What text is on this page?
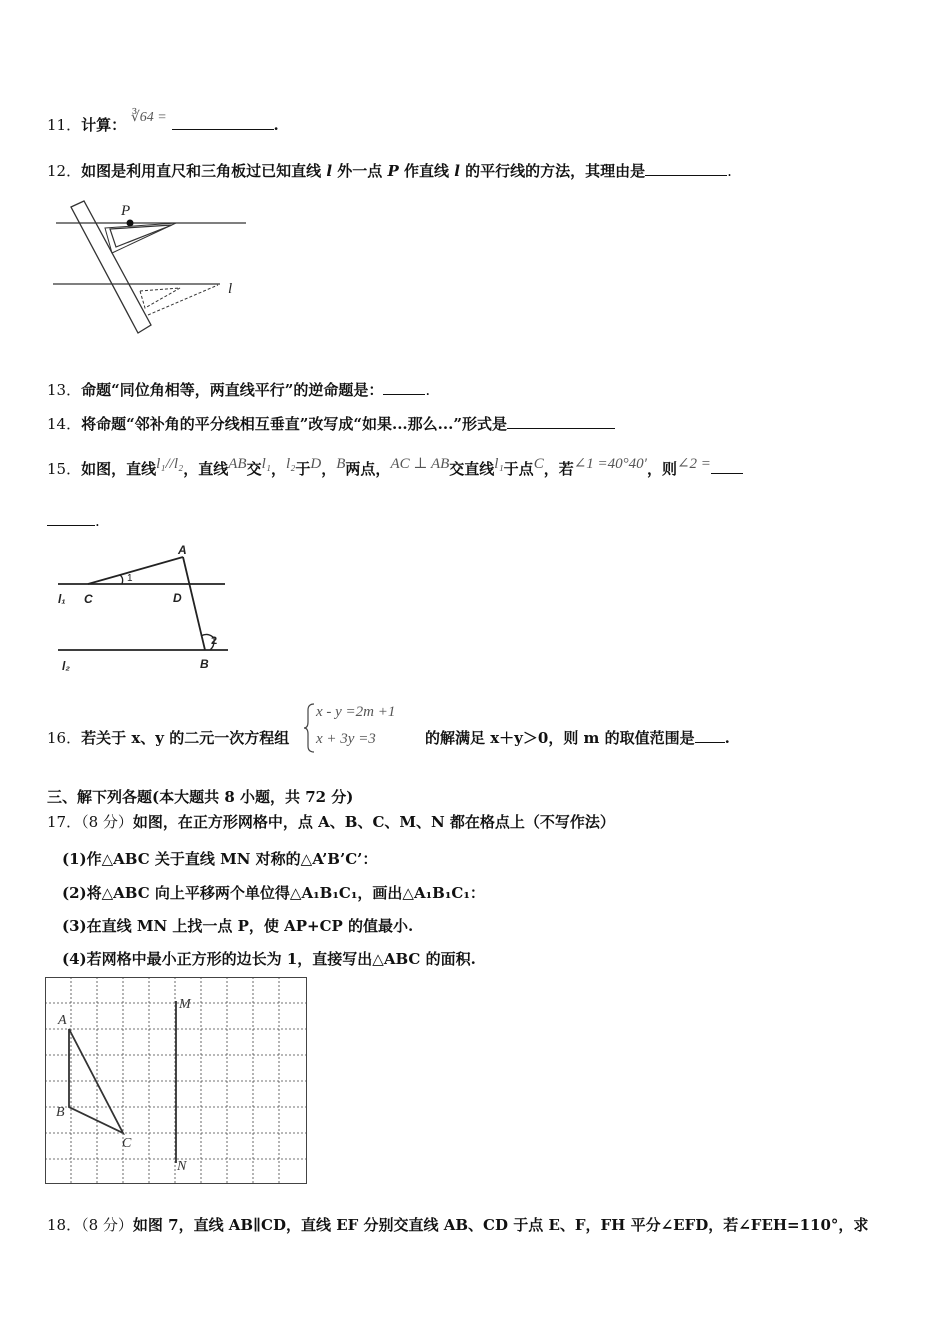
11．计算： ∛64 =	.
12．如图是利用直尺和三角板过已知直线 l 外一点 P 作直线 l 的平行线的方法，其理由是	.
P
l
13．命题“同位角相等，两直线平行”的逆命题是：	.
14．将命题“邻补角的平分线相互垂直”改写成“如果...那么...”形式是
15．如图，直线l₁//l₂，直线AB交l₁，l₂于D，B两点，AC ⊥ AB交直线l₁于点C，若∠1 =40°40′，则∠2 =
.
A
C	D
B
l₁
l₂
1
2
16．若关于 x、y 的二元一次方程组
x - y =2m +1
x + 3y =3	的解满足 x＋y＞0，则 m 的取值范围是 .
三、解下列各题(本大题共 8 小题，共 72 分)
17．（8 分）如图，在正方形网格中，点 A、B、C、M、N 都在格点上（不写作法）
(1)作△ABC 关于直线 MN 对称的△A’B’C’：
(2)将△ABC 向上平移两个单位得△A₁B₁C₁，画出△A₁B₁C₁：
(3)在直线 MN 上找一点 P，使 AP+CP 的值最小.
(4)若网格中最小正方形的边长为 1，直接写出△ABC 的面积.
M
N
A
B
C
18．（8 分）如图 7，直线 AB∥CD，直线 EF 分别交直线 AB、CD 于点 E、F，FH 平分∠EFD，若∠FEH=110°，求
